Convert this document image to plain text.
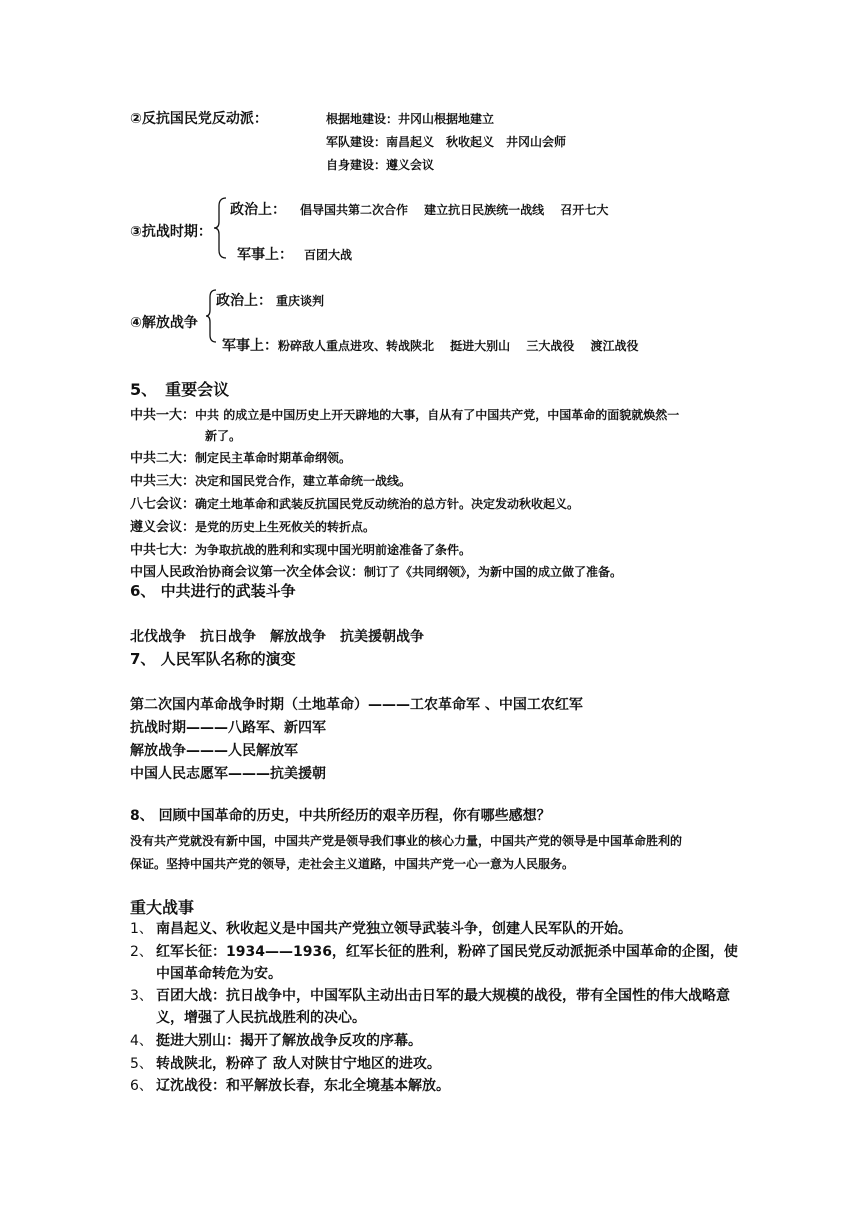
②反抗国民党反动派：	根据地建设：井冈山根据地建立
军队建设：南昌起义　秋收起义　井冈山会师
自身建设：遵义会议
③抗战时期：
政治上： 倡导国共第二次合作　 建立抗日民族统一战线　 召开七大
军事上： 百团大战
④解放战争
政治上： 重庆谈判
军事上：粉碎敌人重点进攻、转战陕北　 挺进大别山　 三大战役　 渡江战役
5、　重要会议
中共一大：中共 的成立是中国历史上开天辟地的大事，自从有了中国共产党，中国革命的面貌就焕然一
新了。
中共二大：制定民主革命时期革命纲领。
中共三大：决定和国民党合作，建立革命统一战线。
八七会议：确定土地革命和武装反抗国民党反动统治的总方针。决定发动秋收起义。
遵义会议：是党的历史上生死攸关的转折点。
中共七大：为争取抗战的胜利和实现中国光明前途准备了条件。
中国人民政治协商会议第一次全体会议：制订了《共同纲领》，为新中国的成立做了准备。
6、 中共进行的武装斗争
北伐战争　抗日战争　解放战争　抗美援朝战争
7、 人民军队名称的演变
第二次国内革命战争时期（土地革命）———工农革命军 、中国工农红军
抗战时期———八路军、新四军
解放战争———人民解放军
中国人民志愿军———抗美援朝
8、 回顾中国革命的历史，中共所经历的艰辛历程，你有哪些感想？
没有共产党就没有新中国，中国共产党是领导我们事业的核心力量，中国共产党的领导是中国革命胜利的
保证。坚持中国共产党的领导，走社会主义道路，中国共产党一心一意为人民服务。
重大战事
1、 南昌起义、秋收起义是中国共产党独立领导武装斗争，创建人民军队的开始。
2、 红军长征：1934——1936，红军长征的胜利，粉碎了国民党反动派扼杀中国革命的企图，使中国革命转危为安。
3、 百团大战：抗日战争中，中国军队主动出击日军的最大规模的战役，带有全国性的伟大战略意义，增强了人民抗战胜利的决心。
4、 挺进大别山：揭开了解放战争反攻的序幕。
5、 转战陕北，粉碎了 敌人对陕甘宁地区的进攻。
6、 辽沈战役：和平解放长春，东北全境基本解放。
